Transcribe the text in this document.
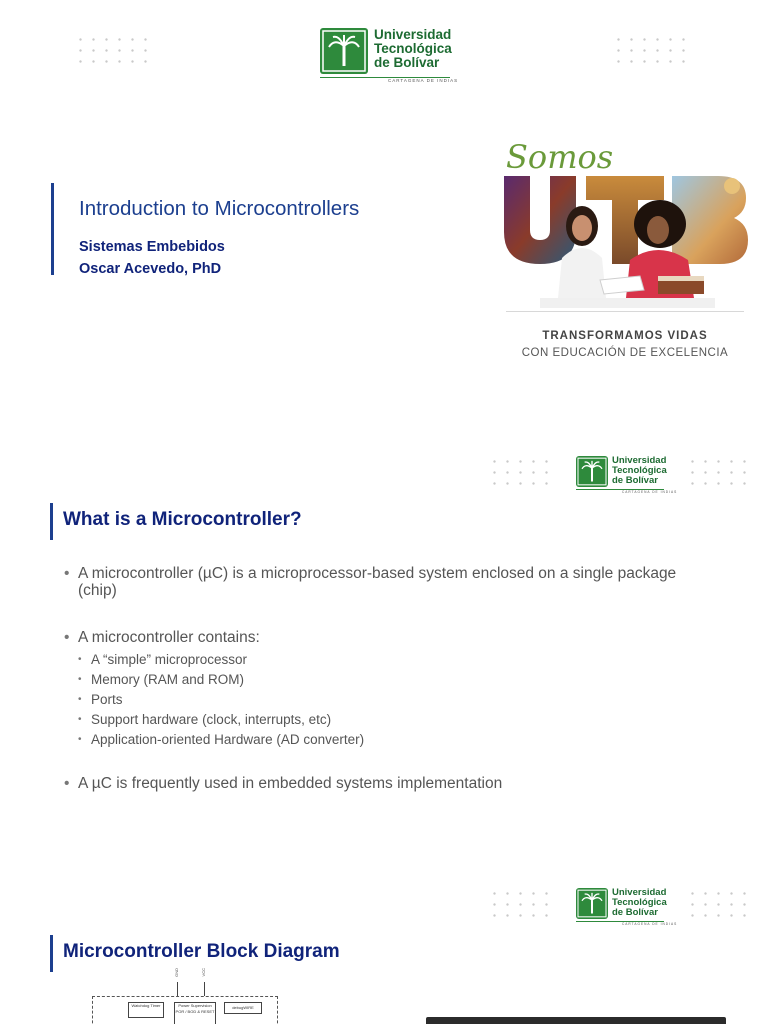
Universidad
Tecnológica
de Bolívar
CARTAGENA DE INDIAS
Introduction to Microcontrollers
Sistemas Embebidos
Oscar Acevedo, PhD
Somos
TRANSFORMAMOS VIDAS
CON EDUCACIÓN DE EXCELENCIA
Universidad
Tecnológica
de Bolívar
CARTAGENA DE INDIAS
What is a Microcontroller?
• A microcontroller (µC) is a microprocessor-based system enclosed on a single package (chip)
• A microcontroller contains:
• A “simple” microprocessor
• Memory (RAM and ROM)
• Ports
• Support hardware (clock, interrupts, etc)
• Application-oriented Hardware (AD converter)
• A µC is frequently used in embedded systems implementation
Universidad
Tecnológica
de Bolívar
CARTAGENA DE INDIAS
Microcontroller Block Diagram
GND	VCC
Watchdog Timer	Power Supervision POR / BOD & RESET
debugWIRE
